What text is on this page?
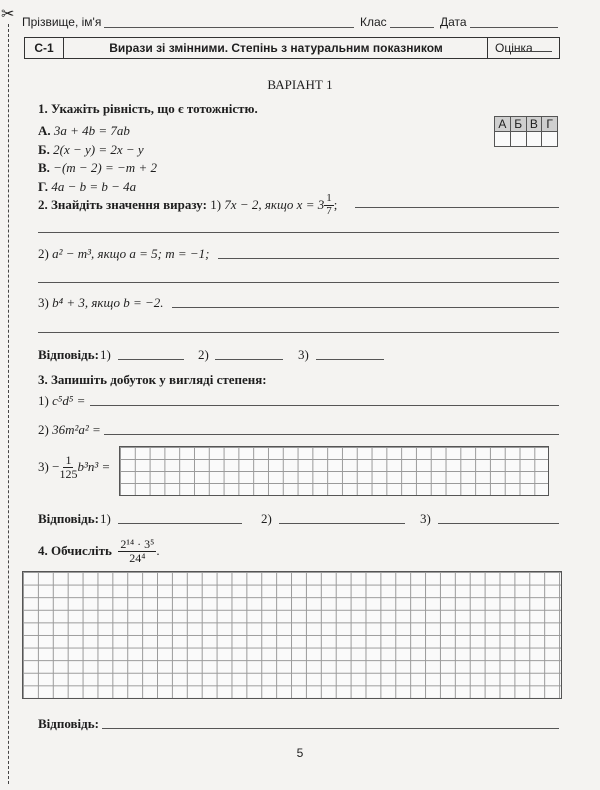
✂ Прізвище, ім'я	Клас	Дата
С-1	Вирази зі змінними. Степінь з натуральним показником	Оцінка
ВАРІАНТ 1
1. Укажіть рівність, що є тотожністю.
А. 3a + 4b = 7ab
Б. 2(x − y) = 2x − y
В. −(m − 2) = −m + 2
Г. 4a − b = b − 4a
А Б В Г
2.
Знайдіть значення виразу:
1)
7x − 2, якщо $x = 3 \frac{1}{7}$ ;
2) a² − m³, якщо a = 5; m = −1;
3) b⁴ + 3, якщо b = −2.
Відповідь: 1)	2)	3)
3. Запишіть добуток у вигляді степеня:
1) c⁵d⁵ =
2) 36m²a² =
3)
− $\frac{1}{125} b^3n^3$ =
Відповідь: 1)	2)	3)
4.
Обчисліть
$\frac{\text{2¹⁴ · 3⁵}}{\text{24⁴}}$ .
Відповідь:
5
